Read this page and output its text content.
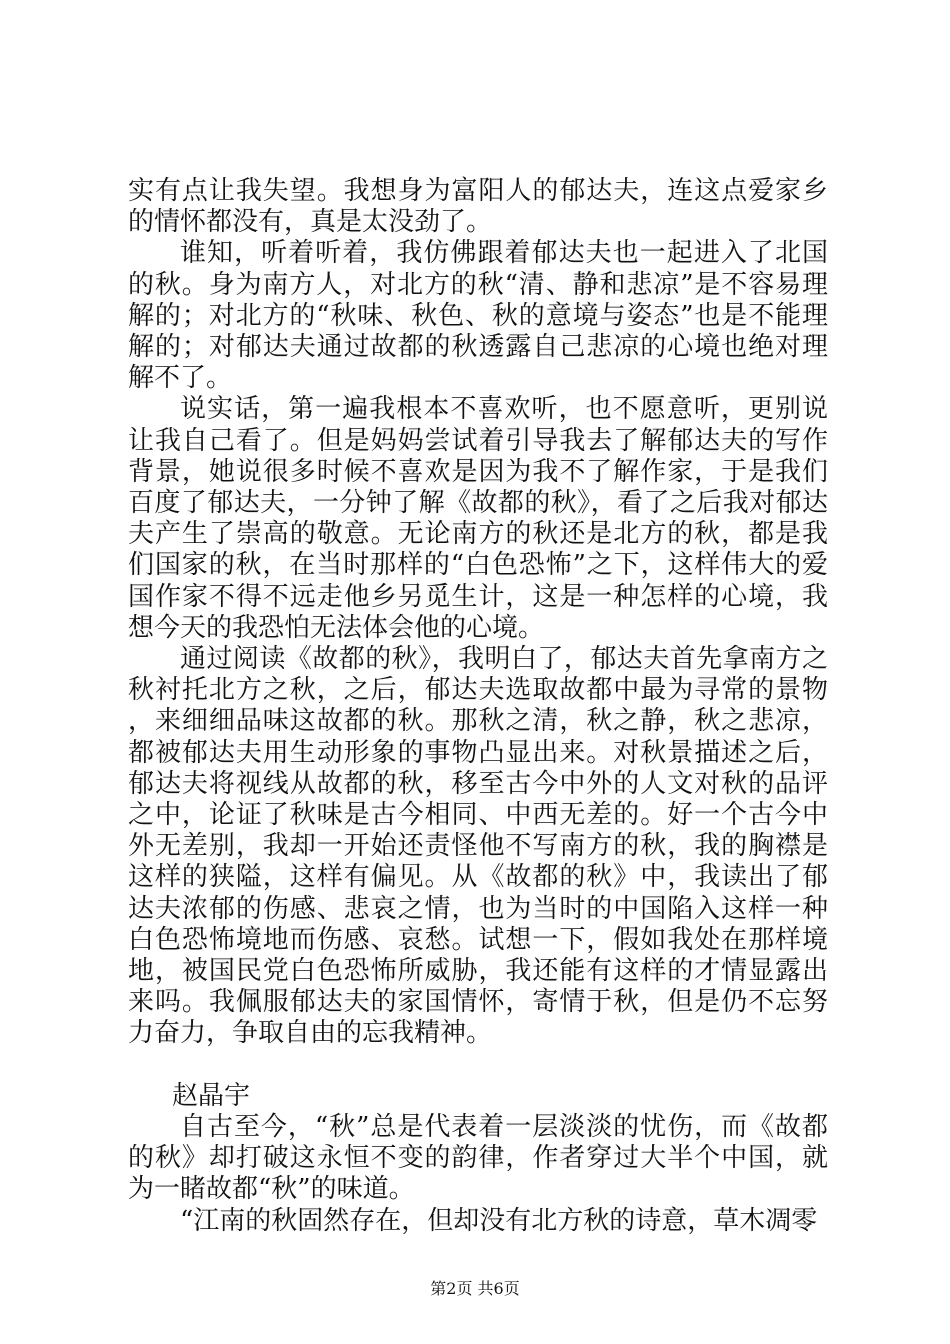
实有点让我失望。我想身为富阳人的郁达夫，连这点爱家乡的情怀都没有，真是太没劲了。

谁知，听着听着，我仿佛跟着郁达夫也一起进入了北国的秋。身为南方人，对北方的秋“清、静和悲凉”是不容易理解的；对北方的“秋味、秋色、秋的意境与姿态”也是不能理解的；对郁达夫通过故都的秋透露自己悲凉的心境也绝对理解不了。

说实话，第一遍我根本不喜欢听，也不愿意听，更别说让我自己看了。但是妈妈尝试着引导我去了解郁达夫的写作背景，她说很多时候不喜欢是因为我不了解作家，于是我们百度了郁达夫，一分钟了解《故都的秋》，看了之后我对郁达夫产生了崇高的敬意。无论南方的秋还是北方的秋，都是我们国家的秋，在当时那样的“白色恐怖”之下，这样伟大的爱国作家不得不远走他乡另觅生计，这是一种怎样的心境，我想今天的我恐怕无法体会他的心境。

通过阅读《故都的秋》，我明白了，郁达夫首先拿南方之秋衬托北方之秋，之后，郁达夫选取故都中最为寻常的景物，来细细品味这故都的秋。那秋之清，秋之静，秋之悲凉，都被郁达夫用生动形象的事物凸显出来。对秋景描述之后，郁达夫将视线从故都的秋，移至古今中外的人文对秋的品评之中，论证了秋味是古今相同、中西无差的。好一个古今中外无差别，我却一开始还责怪他不写南方的秋，我的胸襟是这样的狭隘，这样有偏见。从《故都的秋》中，我读出了郁达夫浓郁的伤感、悲哀之情，也为当时的中国陷入这样一种白色恐怖境地而伤感、哀愁。试想一下，假如我处在那样境地，被国民党白色恐怖所威胁，我还能有这样的才情显露出来吗。我佩服郁达夫的家国情怀，寄情于秋，但是仍不忘努力奋力，争取自由的忘我精神。

赵晶宇

自古至今，“秋”总是代表着一层淡淡的忧伤，而《故都的秋》却打破这永恒不变的韵律，作者穿过大半个中国，就为一睹故都“秋”的味道。

“江南的秋固然存在，但却没有北方秋的诗意，草木凋零

第2页 共6页
